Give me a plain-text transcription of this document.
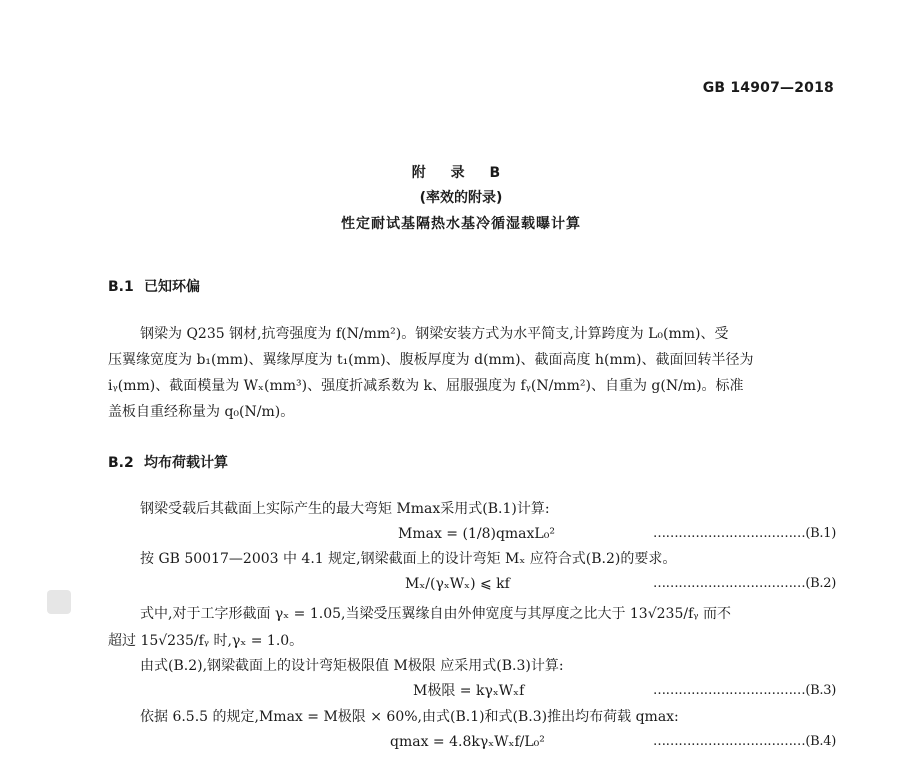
GB 14907—2018
附 录 B
(率效的附录)
性定耐试基隔热水基冷循湿载曝计算
B.1 已知环偏
钢梁为 Q235 钢材,抗弯强度为 f(N/mm²)。钢梁安装方式为水平简支,计算跨度为 L₀(mm)、受
压翼缘宽度为 b₁(mm)、翼缘厚度为 t₁(mm)、腹板厚度为 d(mm)、截面高度 h(mm)、截面回转半径为
iᵧ(mm)、截面模量为 Wₓ(mm³)、强度折减系数为 k、屈服强度为 fᵧ(N/mm²)、自重为 g(N/m)。标准
盖板自重经称量为 q₀(N/m)。
B.2 均布荷载计算
钢梁受载后其截面上实际产生的最大弯矩 Mmax采用式(B.1)计算:
Mmax = (1/8)qmaxL₀²	………………………………(B.1)
按 GB 50017—2003 中 4.1 规定,钢梁截面上的设计弯矩 Mₓ 应符合式(B.2)的要求。
Mₓ/(γₓWₓ) ⩽ kf	………………………………(B.2)
式中,对于工字形截面 γₓ = 1.05,当梁受压翼缘自由外伸宽度与其厚度之比大于 13√235/fᵧ 而不
超过 15√235/fᵧ 时,γₓ = 1.0。
由式(B.2),钢梁截面上的设计弯矩极限值 M极限 应采用式(B.3)计算:
M极限 = kγₓWₓf	………………………………(B.3)
依据 6.5.5 的规定,Mmax = M极限 × 60%,由式(B.1)和式(B.3)推出均布荷载 qmax:
qmax = 4.8kγₓWₓf/L₀²	………………………………(B.4)
